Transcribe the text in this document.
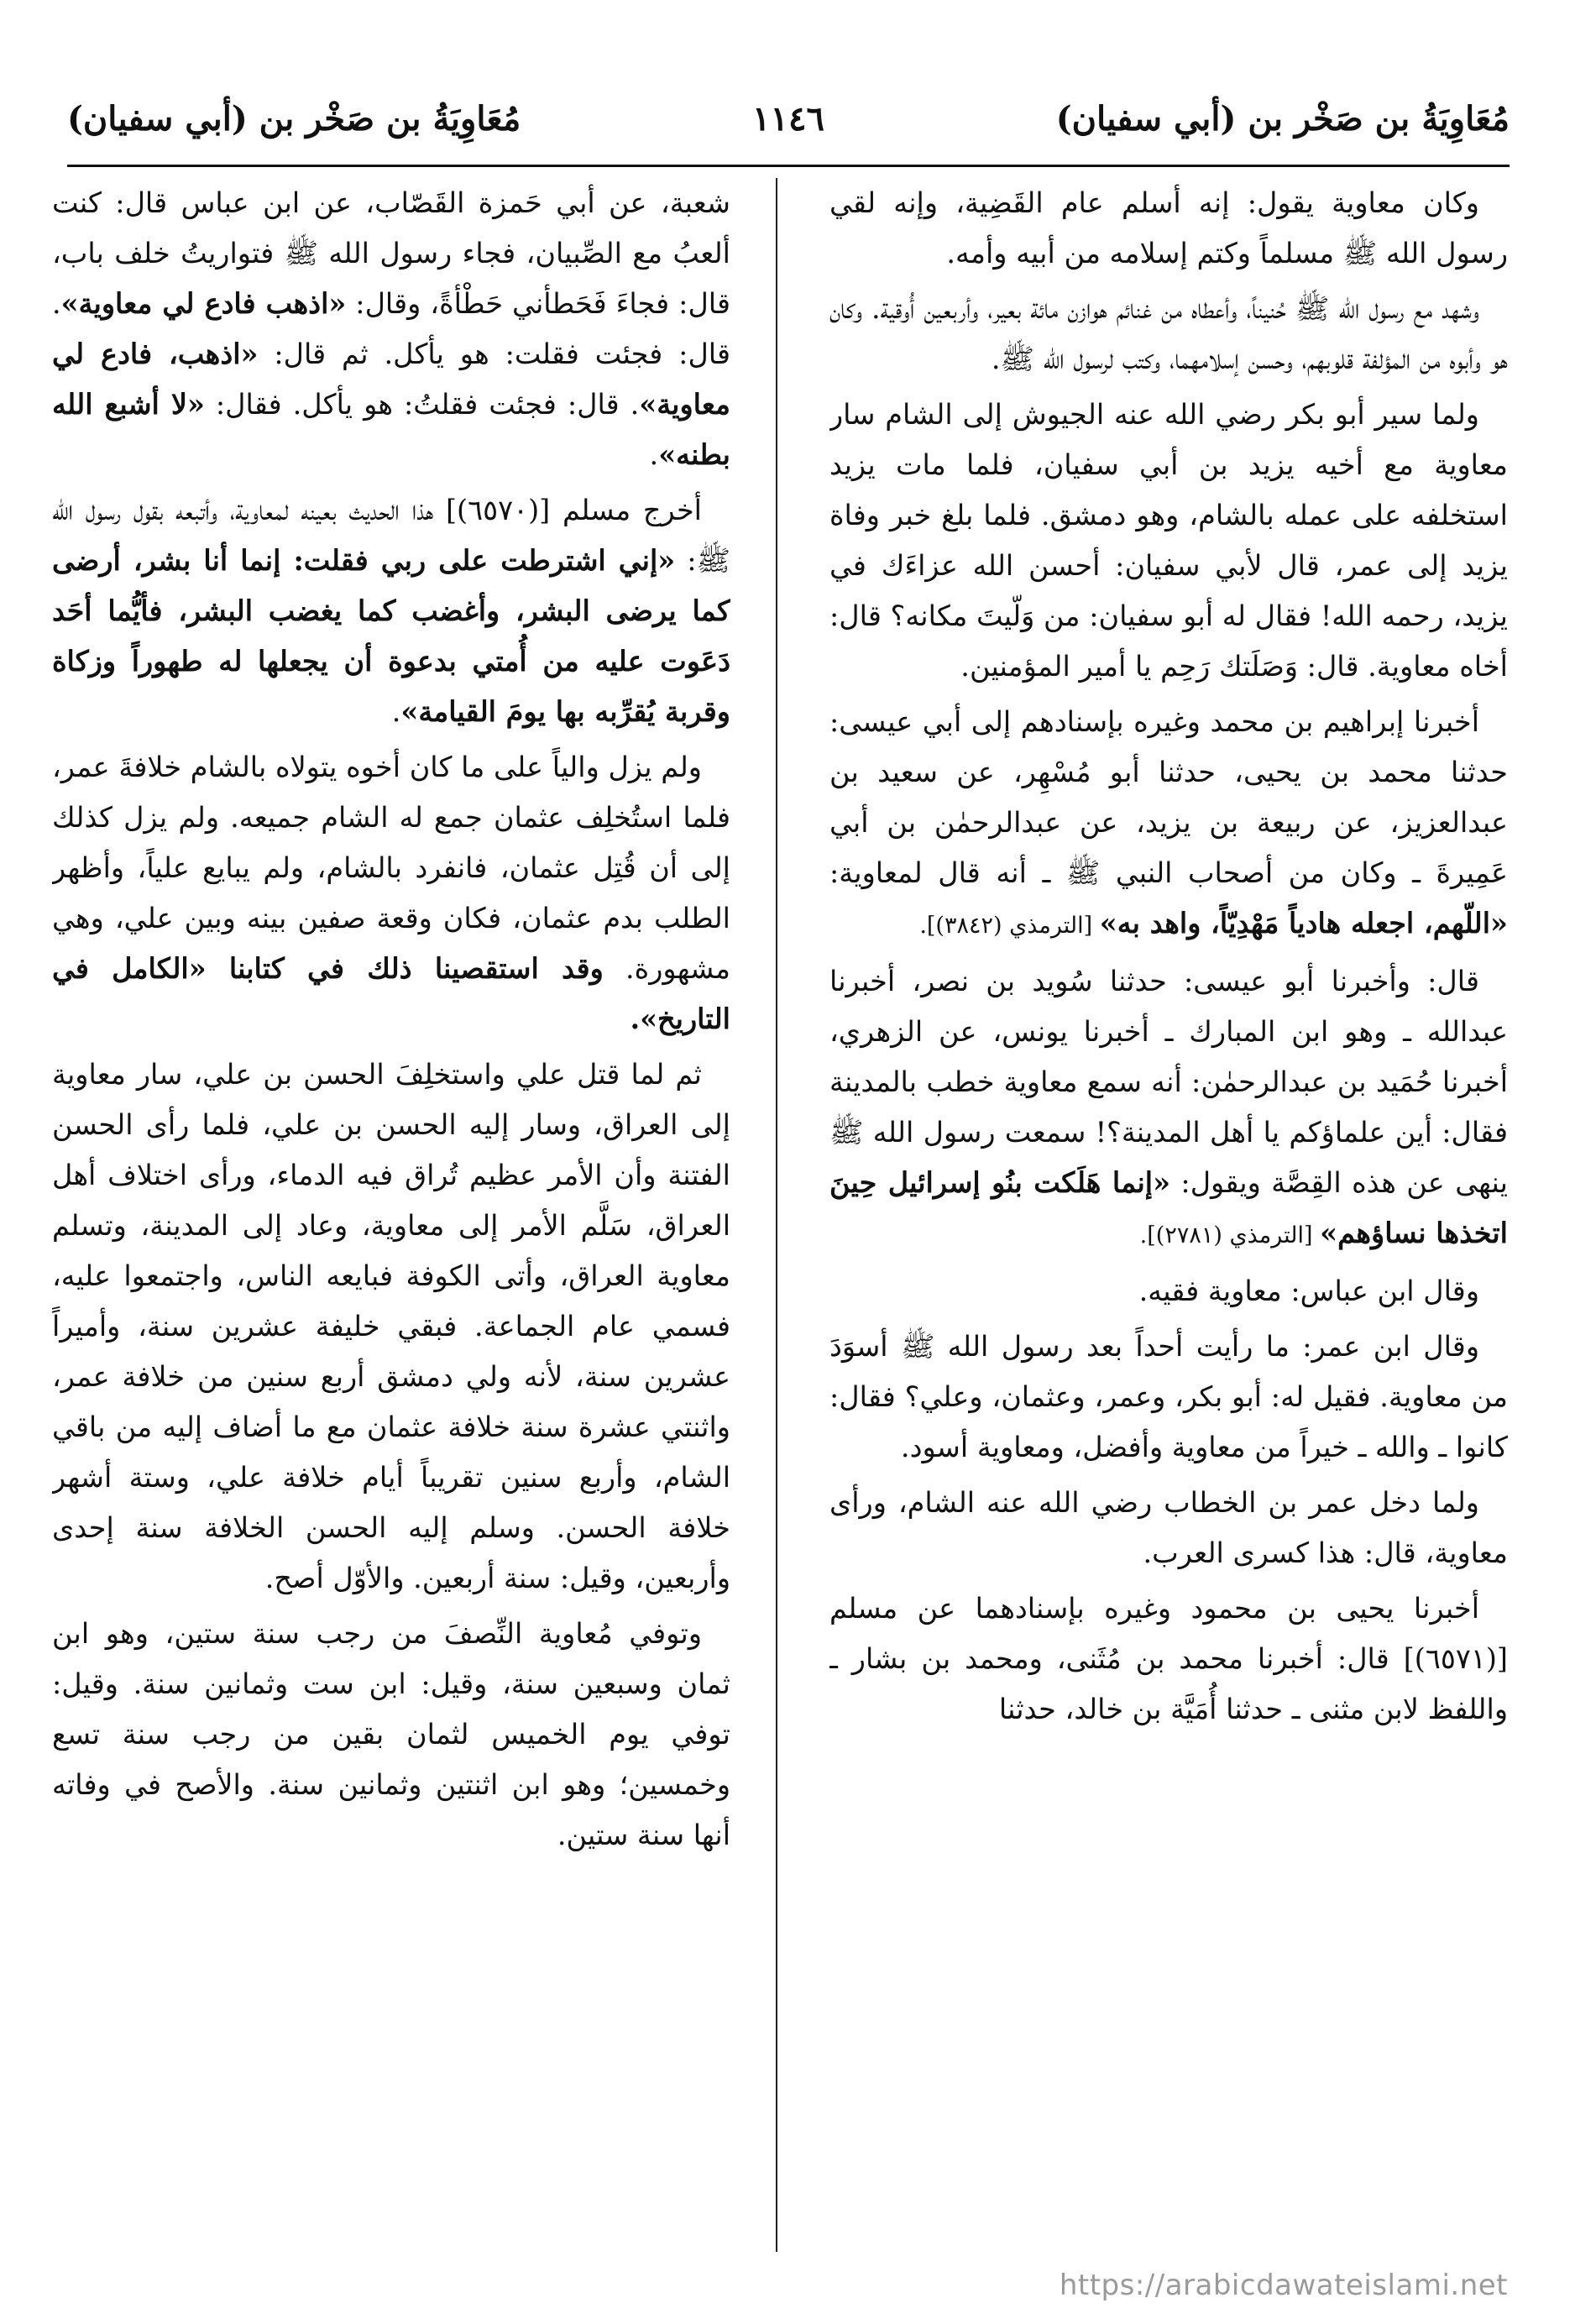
مُعَاوِيَةُ بن صَخْر بن (أبي سفيان)
١١٤٦
مُعَاوِيَةُ بن صَخْر بن (أبي سفيان)

وكان معاوية يقول: إنه أسلم عام القَضِية، وإنه لقي رسول الله ﷺ مسلماً وكتم إسلامه من أبيه وأمه.

وشهد مع رسول الله ﷺ حُنيناً، وأعطاه من غنائم هوازن مائة بعير، وأربعين أُوقية. وكان هو وأبوه من المؤلفة قلوبهم، وحسن إسلامهما، وكتب لرسول الله ﷺ.

ولما سير أبو بكر رضي الله عنه الجيوش إلى الشام سار معاوية مع أخيه يزيد بن أبي سفيان، فلما مات يزيد استخلفه على عمله بالشام، وهو دمشق. فلما بلغ خبر وفاة يزيد إلى عمر، قال لأبي سفيان: أحسن الله عزاءَك في يزيد، رحمه الله! فقال له أبو سفيان: من وَلّيتَ مكانه؟ قال: أخاه معاوية. قال: وَصَلَتك رَحِم يا أمير المؤمنين.

أخبرنا إبراهيم بن محمد وغيره بإسنادهم إلى أبي عيسى: حدثنا محمد بن يحيى، حدثنا أبو مُسْهِر، عن سعيد بن عبدالعزيز، عن ربيعة بن يزيد، عن عبدالرحمٰن بن أبي عَمِيرةَ ـ وكان من أصحاب النبي ﷺ ـ أنه قال لمعاوية: «اللّهم، اجعله هادياً مَهْدِيّاً، واهد به» [الترمذي (٣٨٤٢)].

قال: وأخبرنا أبو عيسى: حدثنا سُويد بن نصر، أخبرنا عبدالله ـ وهو ابن المبارك ـ أخبرنا يونس، عن الزهري، أخبرنا حُمَيد بن عبدالرحمٰن: أنه سمع معاوية خطب بالمدينة فقال: أين علماؤكم يا أهل المدينة؟! سمعت رسول الله ﷺ ينهى عن هذه القِصَّة ويقول: «إنما هَلَكت بنُو إسرائيل حِينَ اتخذها نساؤهم» [الترمذي (٢٧٨١)].

وقال ابن عباس: معاوية فقيه.

وقال ابن عمر: ما رأيت أحداً بعد رسول الله ﷺ أسوَدَ من معاوية. فقيل له: أبو بكر، وعمر، وعثمان، وعلي؟ فقال: كانوا ـ والله ـ خيراً من معاوية وأفضل، ومعاوية أسود.

ولما دخل عمر بن الخطاب رضي الله عنه الشام، ورأى معاوية، قال: هذا كسرى العرب.

أخبرنا يحيى بن محمود وغيره بإسنادهما عن مسلم [(٦٥٧١)] قال: أخبرنا محمد بن مُثَنى، ومحمد بن بشار ـ واللفظ لابن مثنى ـ حدثنا أُمَيَّة بن خالد، حدثنا

شعبة، عن أبي حَمزة القَصّاب، عن ابن عباس قال: كنت ألعبُ مع الصِّبيان، فجاء رسول الله ﷺ فتواريتُ خلف باب، قال: فجاءَ فَحَطأني حَطْأةً، وقال: «اذهب فادع لي معاوية». قال: فجئت فقلت: هو يأكل. ثم قال: «اذهب، فادع لي معاوية». قال: فجئت فقلتُ: هو يأكل. فقال: «لا أشبع الله بطنه».

أخرج مسلم [(٦٥٧٠)] هذا الحديث بعينه لمعاوية، وأتبعه بقول رسول الله ﷺ: «إني اشترطت على ربي فقلت: إنما أنا بشر، أرضى كما يرضى البشر، وأغضب كما يغضب البشر، فأيُّما أحَد دَعَوت عليه من أُمتي بدعوة أن يجعلها له طهوراً وزكاة وقربة يُقرِّبه بها يومَ القيامة».

ولم يزل والياً على ما كان أخوه يتولاه بالشام خلافةَ عمر، فلما استُخلِف عثمان جمع له الشام جميعه. ولم يزل كذلك إلى أن قُتِل عثمان، فانفرد بالشام، ولم يبايع علياً، وأظهر الطلب بدم عثمان، فكان وقعة صفين بينه وبين علي، وهي مشهورة. وقد استقصينا ذلك في كتابنا «الكامل في التاريخ».

ثم لما قتل علي واستخلِفَ الحسن بن علي، سار معاوية إلى العراق، وسار إليه الحسن بن علي، فلما رأى الحسن الفتنة وأن الأمر عظيم تُراق فيه الدماء، ورأى اختلاف أهل العراق، سَلَّم الأمر إلى معاوية، وعاد إلى المدينة، وتسلم معاوية العراق، وأتى الكوفة فبايعه الناس، واجتمعوا عليه، فسمي عام الجماعة. فبقي خليفة عشرين سنة، وأميراً عشرين سنة، لأنه ولي دمشق أربع سنين من خلافة عمر، واثنتي عشرة سنة خلافة عثمان مع ما أضاف إليه من باقي الشام، وأربع سنين تقريباً أيام خلافة علي، وستة أشهر خلافة الحسن. وسلم إليه الحسن الخلافة سنة إحدى وأربعين، وقيل: سنة أربعين. والأوّل أصح.

وتوفي مُعاوية النِّصفَ من رجب سنة ستين، وهو ابن ثمان وسبعين سنة، وقيل: ابن ست وثمانين سنة. وقيل: توفي يوم الخميس لثمان بقين من رجب سنة تسع وخمسين؛ وهو ابن اثنتين وثمانين سنة. والأصح في وفاته أنها سنة ستين.

https://arabicdawateislami.net
